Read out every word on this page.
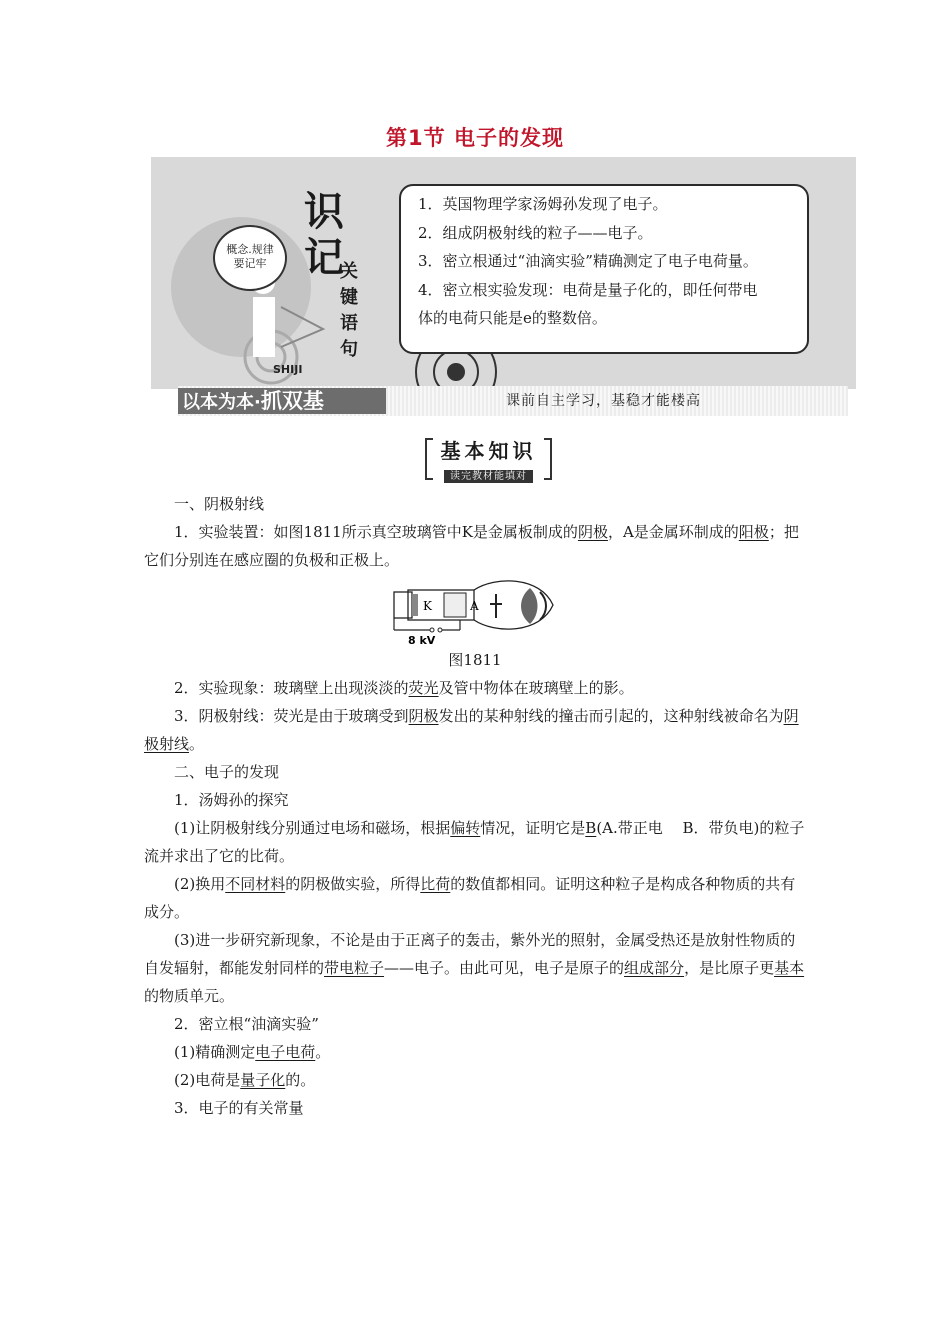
第1节 电子的发现
概念.规律
要记牢
识
记
关
键
语
句
SHIJI

1．英国物理学家汤姆孙发现了电子。

2．组成阴极射线的粒子——电子。

3．密立根通过“油滴实验”精确测定了电子电荷量。

4．密立根实验发现：电荷是量子化的，即任何带电

体的电荷只能是e的整数倍。

以本为本·抓双基	课前自主学习，基稳才能楼高
基本知识
读完教材能填对

一、阴极射线

1．实验装置：如图1811所示真空玻璃管中K是金属板制成的阴极，A是金属环制成的阳极；把它们分别连在感应圈的负极和正极上。

K	A
8 kV

图1811

2．实验现象：玻璃壁上出现淡淡的荧光及管中物体在玻璃壁上的影。

3．阴极射线：荧光是由于玻璃受到阴极发出的某种射线的撞击而引起的，这种射线被命名为阴极射线。

二、电子的发现

1．汤姆孙的探究

(1)让阴极射线分别通过电场和磁场，根据偏转情况，证明它是B(A.带正电　 B．带负电)的粒子流并求出了它的比荷。

(2)换用不同材料的阴极做实验，所得比荷的数值都相同。证明这种粒子是构成各种物质的共有成分。

(3)进一步研究新现象，不论是由于正离子的轰击，紫外光的照射，金属受热还是放射性物质的自发辐射，都能发射同样的带电粒子——电子。由此可见，电子是原子的组成部分，是比原子更基本的物质单元。

2．密立根“油滴实验”

(1)精确测定电子电荷。

(2)电荷是量子化的。

3．电子的有关常量
